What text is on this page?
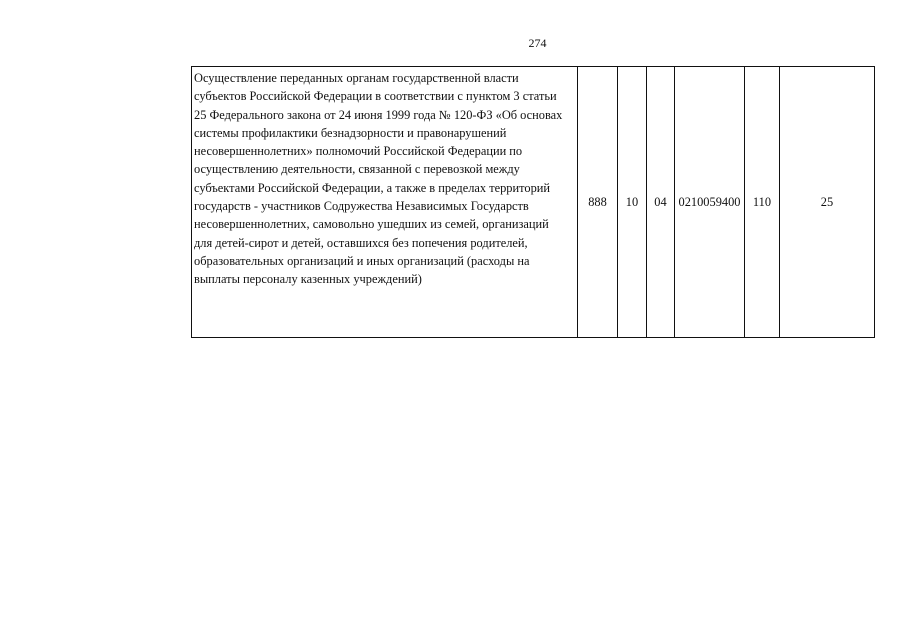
274
Осуществление переданных органам государственной власти
субъектов Российской Федерации в соответствии с пунктом 3 статьи
25 Федерального закона от 24 июня 1999 года № 120-ФЗ «Об основах
системы профилактики безнадзорности и правонарушений
несовершеннолетних» полномочий Российской Федерации по
осуществлению деятельности, связанной с перевозкой между
субъектами Российской Федерации, а также в пределах территорий
государств - участников Содружества Независимых Государств
несовершеннолетних, самовольно ушедших из семей, организаций
для детей-сирот и детей, оставшихся без попечения родителей,
образовательных организаций и иных организаций (расходы на
выплаты персоналу казенных учреждений)
	888	10	04	0210059400	110	25
